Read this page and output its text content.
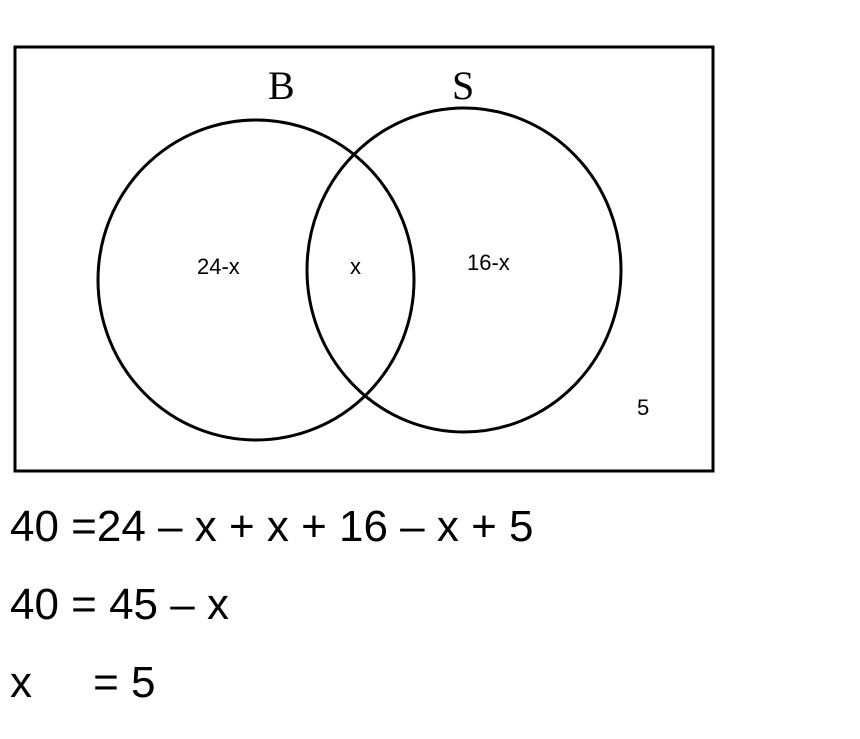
B	S
24-x	x	16-x
5
40 =24 – x + x + 16 – x + 5
40 = 45 – x
x     = 5
